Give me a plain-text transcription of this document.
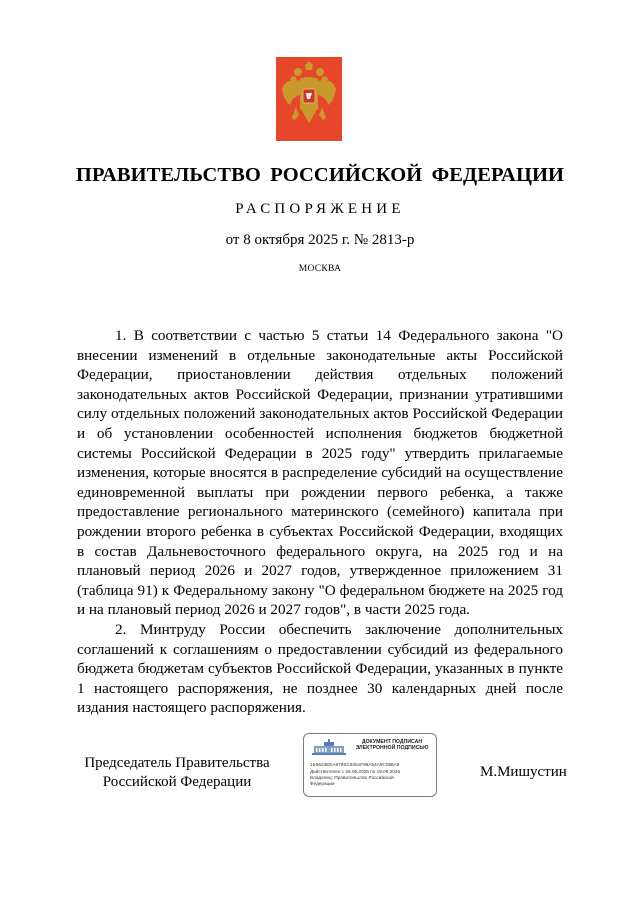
ПРАВИТЕЛЬСТВО РОССИЙСКОЙ ФЕДЕРАЦИИ
РАСПОРЯЖЕНИЕ
от 8 октября 2025 г. № 2813-р
МОСКВА

1. В соответствии с частью 5 статьи 14 Федерального закона "О внесении изменений в отдельные законодательные акты Российской Федерации, приостановлении действия отдельных положений законодательных актов Российской Федерации, признании утратившими силу отдельных положений законодательных актов Российской Федерации и об установлении особенностей исполнения бюджетов бюджетной системы Российской Федерации в 2025 году" утвердить прилагаемые изменения, которые вносятся в распределение субсидий на осуществление единовременной выплаты при рождении первого ребенка, а также предоставление регионального материнского (семейного) капитала при рождении второго ребенка в субъектах Российской Федерации, входящих в состав Дальневосточного федерального округа, на 2025 год и на плановый период 2026 и 2027 годов, утвержденное приложением 31 (таблица 91) к Федеральному закону "О федеральном бюджете на 2025 год и на плановый период 2026 и 2027 годов", в части 2025 года.

2. Минтруду России обеспечить заключение дополнительных соглашений к соглашениям о предоставлении субсидий из федерального бюджета бюджетам субъектов Российской Федерации, указанных в пункте 1 настоящего распоряжения, не позднее 30 календарных дней после издания настоящего распоряжения.

Председатель Правительства
Российской Федерации
ДОКУМЕНТ ПОДПИСАН
ЭЛЕКТРОННОЙ ПОДПИСЬЮ
1E6624EEA979SC9451F98A54A8C088A9
Действителен с 26.06.2025 по 19.09.2026
Владелец: Правительство Российской
Федерации
М.Мишустин
